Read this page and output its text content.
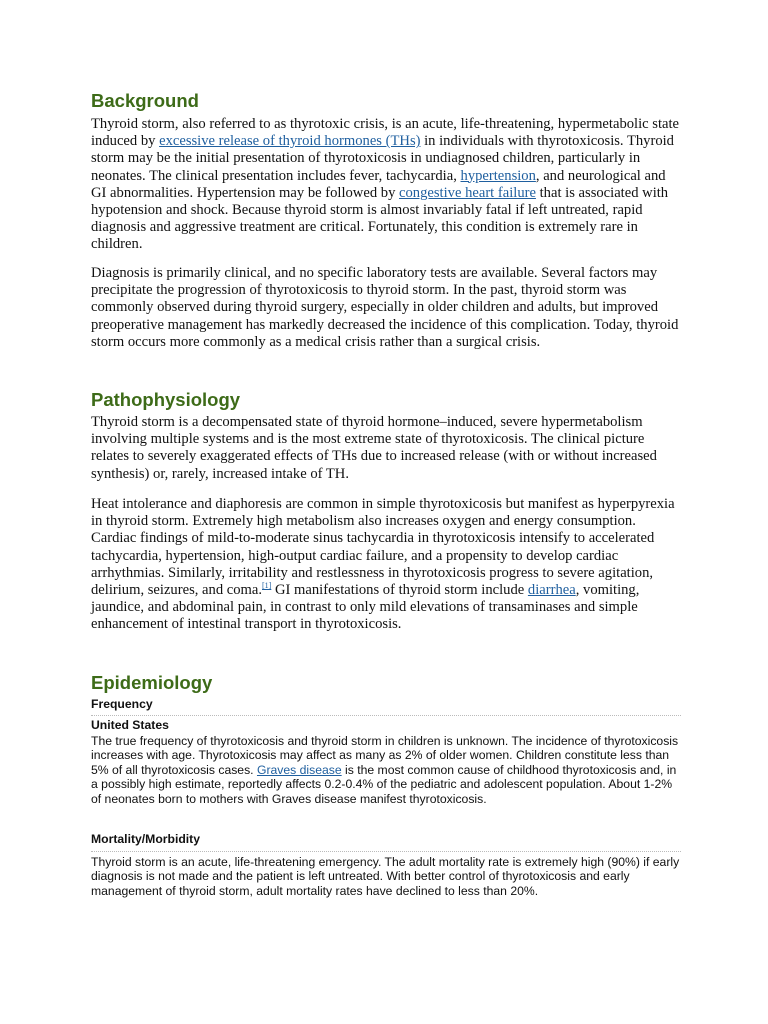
Background

Thyroid storm, also referred to as thyrotoxic crisis, is an acute, life-threatening, hypermetabolic state induced by excessive release of thyroid hormones (THs) in individuals with thyrotoxicosis. Thyroid storm may be the initial presentation of thyrotoxicosis in undiagnosed children, particularly in neonates. The clinical presentation includes fever, tachycardia, hypertension, and neurological and GI abnormalities. Hypertension may be followed by congestive heart failure that is associated with hypotension and shock. Because thyroid storm is almost invariably fatal if left untreated, rapid diagnosis and aggressive treatment are critical. Fortunately, this condition is extremely rare in children.

Diagnosis is primarily clinical, and no specific laboratory tests are available. Several factors may precipitate the progression of thyrotoxicosis to thyroid storm. In the past, thyroid storm was commonly observed during thyroid surgery, especially in older children and adults, but improved preoperative management has markedly decreased the incidence of this complication. Today, thyroid storm occurs more commonly as a medical crisis rather than a surgical crisis.

Pathophysiology

Thyroid storm is a decompensated state of thyroid hormone–induced, severe hypermetabolism involving multiple systems and is the most extreme state of thyrotoxicosis. The clinical picture relates to severely exaggerated effects of THs due to increased release (with or without increased synthesis) or, rarely, increased intake of TH.

Heat intolerance and diaphoresis are common in simple thyrotoxicosis but manifest as hyperpyrexia in thyroid storm. Extremely high metabolism also increases oxygen and energy consumption. Cardiac findings of mild-to-moderate sinus tachycardia in thyrotoxicosis intensify to accelerated tachycardia, hypertension, high-output cardiac failure, and a propensity to develop cardiac arrhythmias. Similarly, irritability and restlessness in thyrotoxicosis progress to severe agitation, delirium, seizures, and coma.[1] GI manifestations of thyroid storm include diarrhea, vomiting, jaundice, and abdominal pain, in contrast to only mild elevations of transaminases and simple enhancement of intestinal transport in thyrotoxicosis.

Epidemiology
Frequency
United States

The true frequency of thyrotoxicosis and thyroid storm in children is unknown. The incidence of thyrotoxicosis increases with age. Thyrotoxicosis may affect as many as 2% of older women. Children constitute less than 5% of all thyrotoxicosis cases. Graves disease is the most common cause of childhood thyrotoxicosis and, in a possibly high estimate, reportedly affects 0.2-0.4% of the pediatric and adolescent population. About 1-2% of neonates born to mothers with Graves disease manifest thyrotoxicosis.

Mortality/Morbidity

Thyroid storm is an acute, life-threatening emergency. The adult mortality rate is extremely high (90%) if early diagnosis is not made and the patient is left untreated. With better control of thyrotoxicosis and early management of thyroid storm, adult mortality rates have declined to less than 20%.
